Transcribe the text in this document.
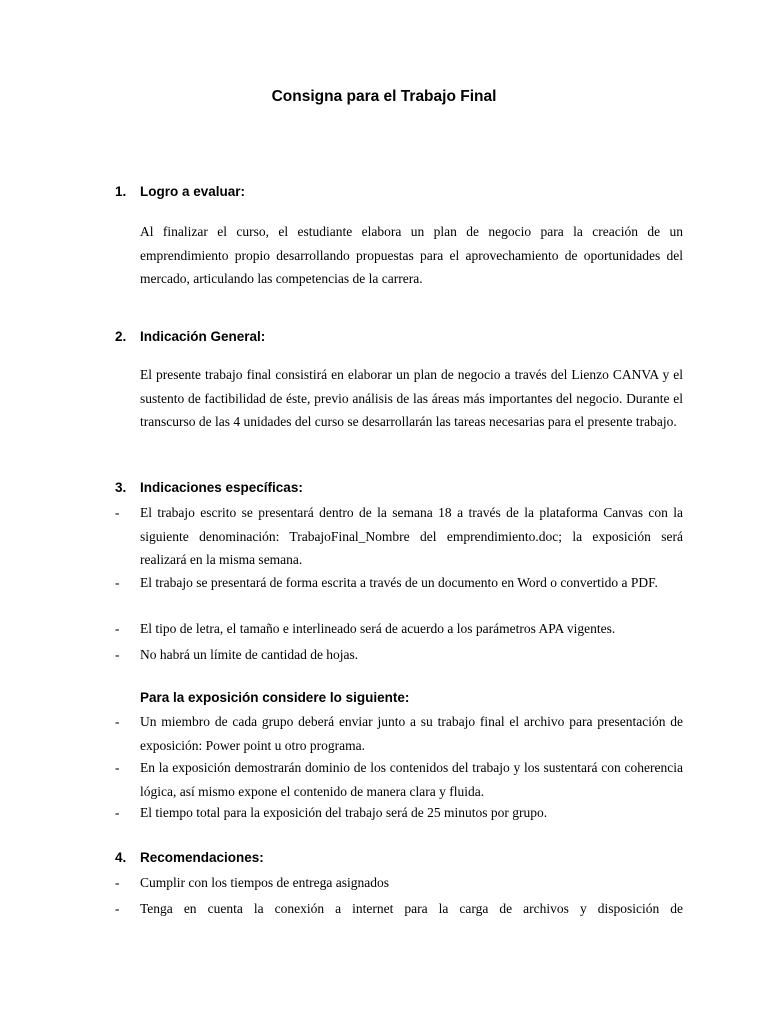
Consigna para el Trabajo Final
1. Logro a evaluar:
Al finalizar el curso, el estudiante elabora un plan de negocio para la creación de un emprendimiento propio desarrollando propuestas para el aprovechamiento de oportunidades del mercado, articulando las competencias de la carrera.
2. Indicación General:
El presente trabajo final consistirá en elaborar un plan de negocio a través del Lienzo CANVA y el sustento de factibilidad de éste, previo análisis de las áreas más importantes del negocio. Durante el transcurso de las 4 unidades del curso se desarrollarán las tareas necesarias para el presente trabajo.
3. Indicaciones específicas:
-	El trabajo escrito se presentará dentro de la semana 18 a través de la plataforma Canvas con la siguiente denominación: TrabajoFinal_Nombre del emprendimiento.doc; la exposición será realizará en la misma semana.
-	El trabajo se presentará de forma escrita a través de un documento en Word o convertido a PDF.
-	El tipo de letra, el tamaño e interlineado será de acuerdo a los parámetros APA vigentes.
-	No habrá un límite de cantidad de hojas.
Para la exposición considere lo siguiente:
-	Un miembro de cada grupo deberá enviar junto a su trabajo final el archivo para presentación de exposición: Power point u otro programa.
-	En la exposición demostrarán dominio de los contenidos del trabajo y los sustentará con coherencia lógica, así mismo expone el contenido de manera clara y fluida.
-	El tiempo total para la exposición del trabajo será de 25 minutos por grupo.
4. Recomendaciones:
-	Cumplir con los tiempos de entrega asignados
-	Tenga en cuenta la conexión a internet para la carga de archivos y disposición de
